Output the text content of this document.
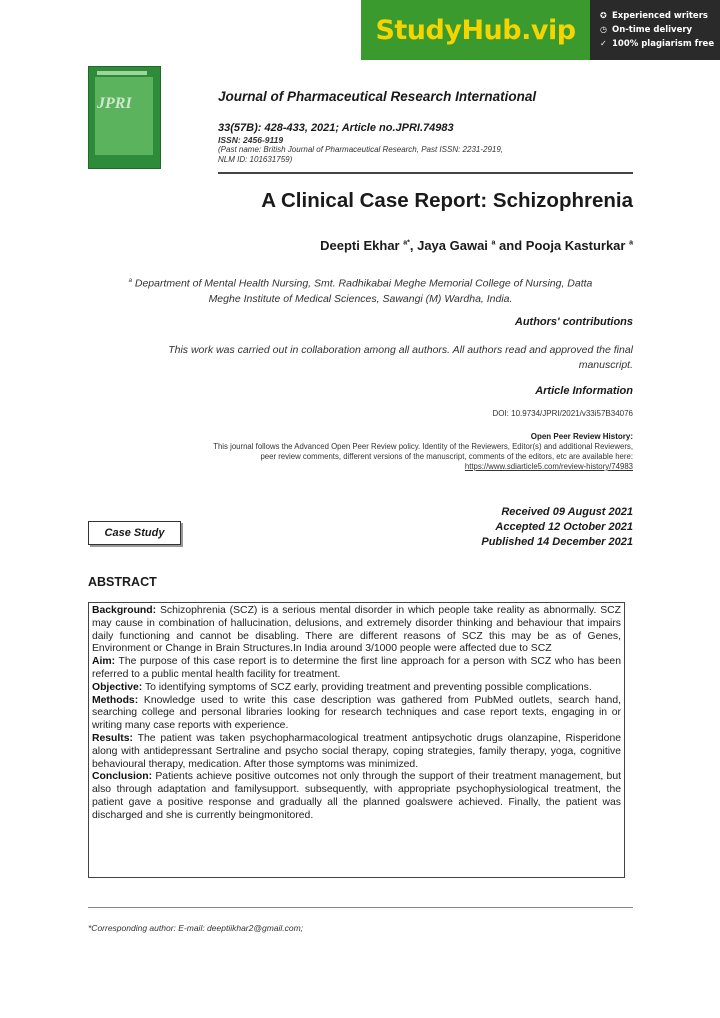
StudyHub.vip	✪ Experienced writers
◷ On-time delivery
✓ 100% plagiarism free
JPRI	Journal of Pharmaceutical Research International
33(57B): 428-433, 2021; Article no.JPRI.74983
ISSN: 2456-9119
(Past name: British Journal of Pharmaceutical Research, Past ISSN: 2231-2919,
NLM ID: 101631759)
A Clinical Case Report: Schizophrenia
Deepti Ekhar $^{a*}$, Jaya Gawai $^a$ and Pooja Kasturkar $^a$
$^a$ Department of Mental Health Nursing, Smt. Radhikabai Meghe Memorial College of Nursing, Datta
Meghe Institute of Medical Sciences, Sawangi (M) Wardha, India.
Authors' contributions
This work was carried out in collaboration among all authors. All authors read and approved the final
manuscript.
Article Information
DOI: 10.9734/JPRI/2021/v33i57B34076
Open Peer Review History:
This journal follows the Advanced Open Peer Review policy. Identity of the Reviewers, Editor(s) and additional Reviewers,
peer review comments, different versions of the manuscript, comments of the editors, etc are available here:
https://www.sdiarticle5.com/review-history/74983
Received 09 August 2021
Accepted 12 October 2021
Published 14 December 2021
Case Study
ABSTRACT

Background: Schizophrenia (SCZ) is a serious mental disorder in which people take reality as abnormally. SCZ may cause in combination of hallucination, delusions, and extremely disorder thinking and behaviour that impairs daily functioning and cannot be disabling. There are different reasons of SCZ this may be as of Genes, Environment or Change in Brain Structures.In India around 3/1000 people were affected due to SCZ

Aim: The purpose of this case report is to determine the first line approach for a person with SCZ who has been referred to a public mental health facility for treatment.

Objective: To identifying symptoms of SCZ early, providing treatment and preventing possible complications.

Methods: Knowledge used to write this case description was gathered from PubMed outlets, search hand, searching college and personal libraries looking for research techniques and case report texts, engaging in or writing many case reports with experience.

Results: The patient was taken psychopharmacological treatment antipsychotic drugs olanzapine, Risperidone along with antidepressant Sertraline and psycho social therapy, coping strategies, family therapy, yoga, cognitive behavioural therapy, medication. After those symptoms was minimized.

Conclusion: Patients achieve positive outcomes not only through the support of their treatment management, but also through adaptation and familysupport. subsequently, with appropriate psychophysiological treatment, the patient gave a positive response and gradually all the planned goalswere achieved. Finally, the patient was discharged and she is currently beingmonitored.

*Corresponding author: E-mail: deeptiikhar2@gmail.com;
